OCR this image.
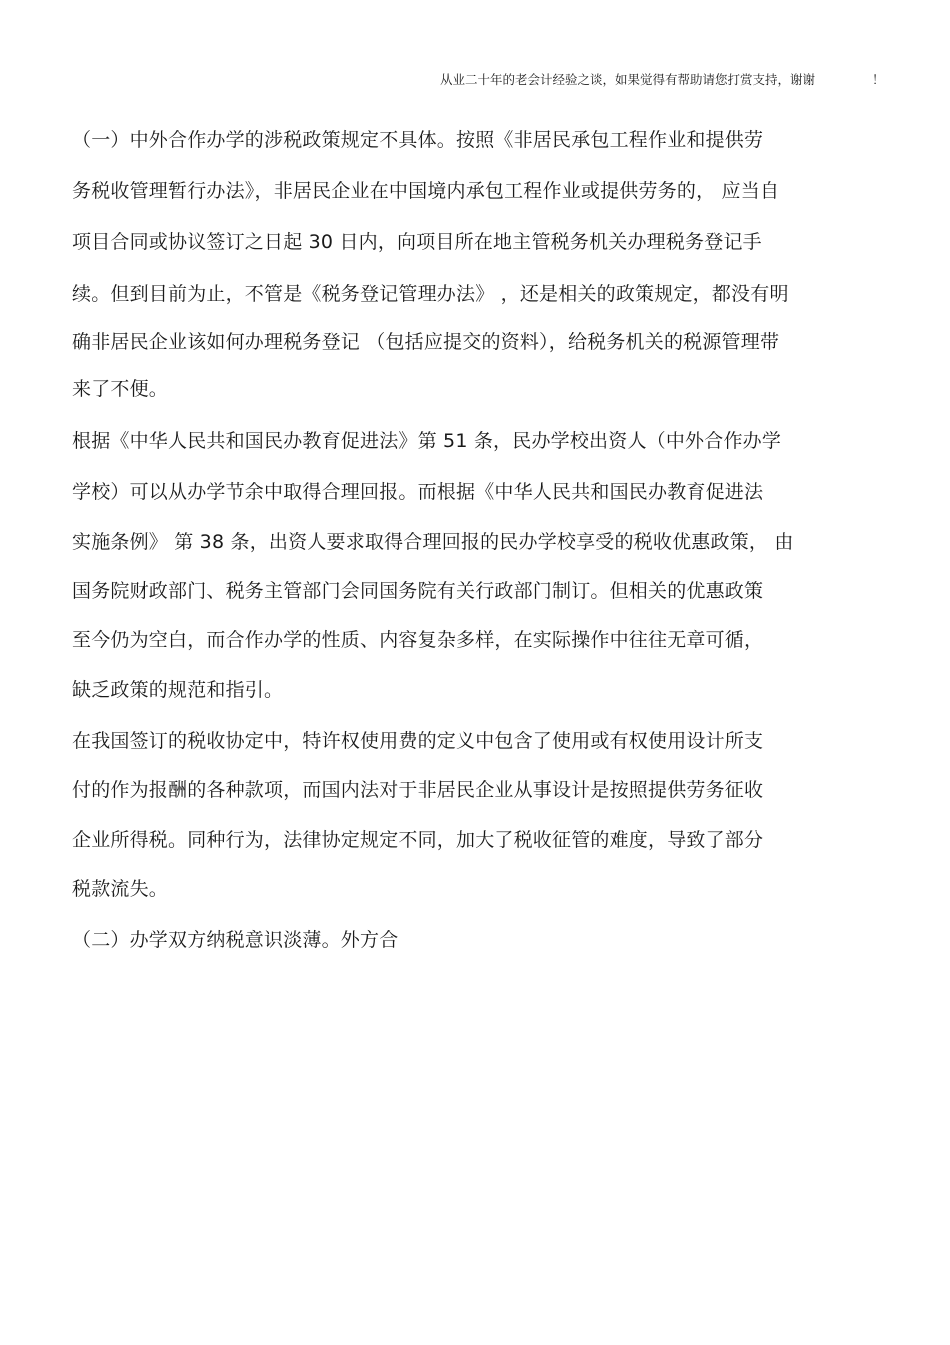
从业二十年的老会计经验之谈，如果觉得有帮助请您打赏支持，谢谢	！
（一）中外合作办学的涉税政策规定不具体。按照《非居民承包工程作业和提供劳
务税收管理暂行办法》，非居民企业在中国境内承包工程作业或提供劳务的， 应当自
项目合同或协议签订之日起 30 日内，向项目所在地主管税务机关办理税务登记手
续。但到目前为止，不管是《税务登记管理办法》 ，还是相关的政策规定，都没有明
确非居民企业该如何办理税务登记 （包括应提交的资料），给税务机关的税源管理带
来了不便。
根据《中华人民共和国民办教育促进法》第 51 条，民办学校出资人（中外合作办学
学校）可以从办学节余中取得合理回报。而根据《中华人民共和国民办教育促进法
实施条例》 第 38 条，出资人要求取得合理回报的民办学校享受的税收优惠政策， 由
国务院财政部门、税务主管部门会同国务院有关行政部门制订。但相关的优惠政策
至今仍为空白，而合作办学的性质、内容复杂多样，在实际操作中往往无章可循，
缺乏政策的规范和指引。
在我国签订的税收协定中，特许权使用费的定义中包含了使用或有权使用设计所支
付的作为报酬的各种款项，而国内法对于非居民企业从事设计是按照提供劳务征收
企业所得税。同种行为，法律协定规定不同，加大了税收征管的难度，导致了部分
税款流失。
（二）办学双方纳税意识淡薄。外方合
